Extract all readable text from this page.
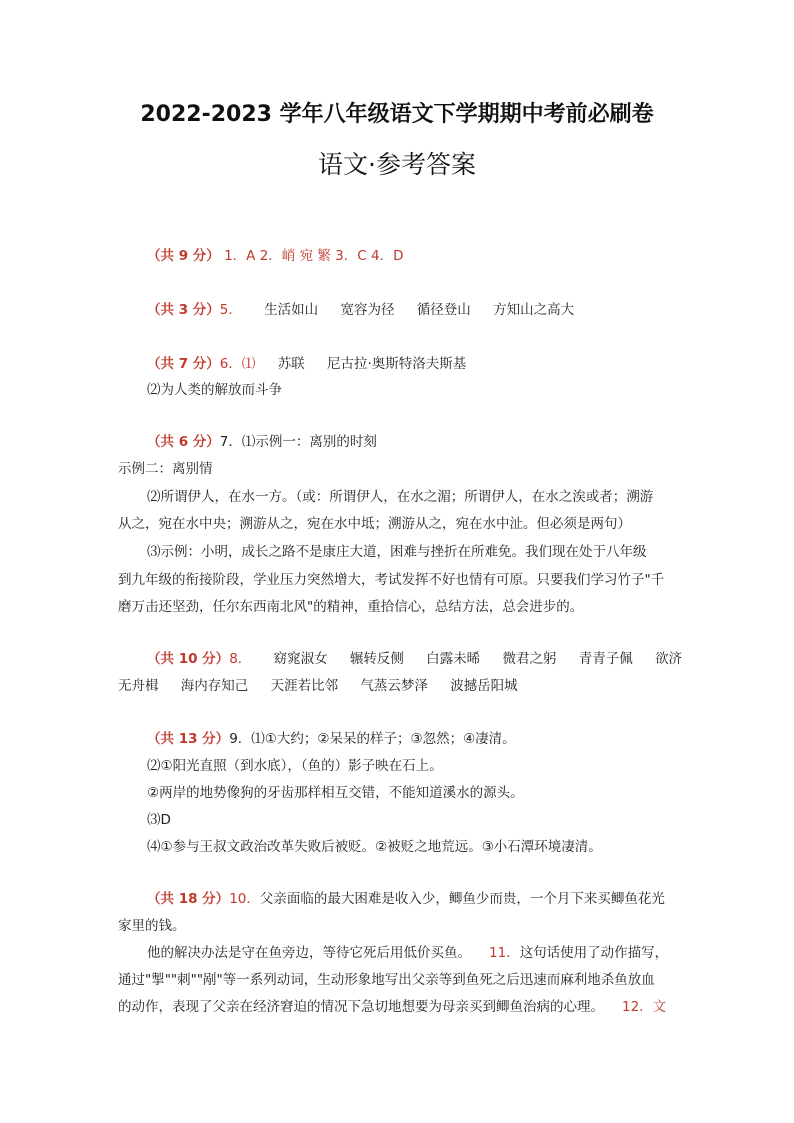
2022-2023 学年八年级语文下学期期中考前必刷卷
语文·参考答案
（共 9 分） 1．A 2．峭 宛 繁 3．C 4．D
（共 3 分）5． 生活如山 宽容为径 循径登山 方知山之高大
（共 7 分）6．⑴ 苏联 尼古拉·奥斯特洛夫斯基
⑵为人类的解放而斗争
（共 6 分）7．⑴示例一：离别的时刻
示例二：离别情
⑵所谓伊人，在水一方。（或：所谓伊人，在水之湄；所谓伊人，在水之涘或者；溯游
从之，宛在水中央；溯游从之，宛在水中坻；溯游从之，宛在水中沚。但必须是两句）
⑶示例：小明，成长之路不是康庄大道，困难与挫折在所难免。我们现在处于八年级
到九年级的衔接阶段，学业压力突然增大，考试发挥不好也情有可原。只要我们学习竹子"千
磨万击还坚劲，任尔东西南北风"的精神，重拾信心，总结方法，总会进步的。
（共 10 分）8． 窈窕淑女 辗转反侧 白露未晞 微君之躬 青青子佩 欲济
无舟楫 海内存知己 天涯若比邻 气蒸云梦泽 波撼岳阳城
（共 13 分）9．⑴①大约；②呆呆的样子；③忽然；④凄清。
⑵①阳光直照（到水底），（鱼的）影子映在石上。
②两岸的地势像狗的牙齿那样相互交错，不能知道溪水的源头。
⑶D
⑷①参与王叔文政治改革失败后被贬。②被贬之地荒远。③小石潭环境凄清。
（共 18 分）10．父亲面临的最大困难是收入少，鲫鱼少而贵，一个月下来买鲫鱼花光
家里的钱。
他的解决办法是守在鱼旁边，等待它死后用低价买鱼。 11．这句话使用了动作描写，
通过"掣""刺""剐"等一系列动词，生动形象地写出父亲等到鱼死之后迅速而麻利地杀鱼放血
的动作，表现了父亲在经济窘迫的情况下急切地想要为母亲买到鲫鱼治病的心理。 12．文
